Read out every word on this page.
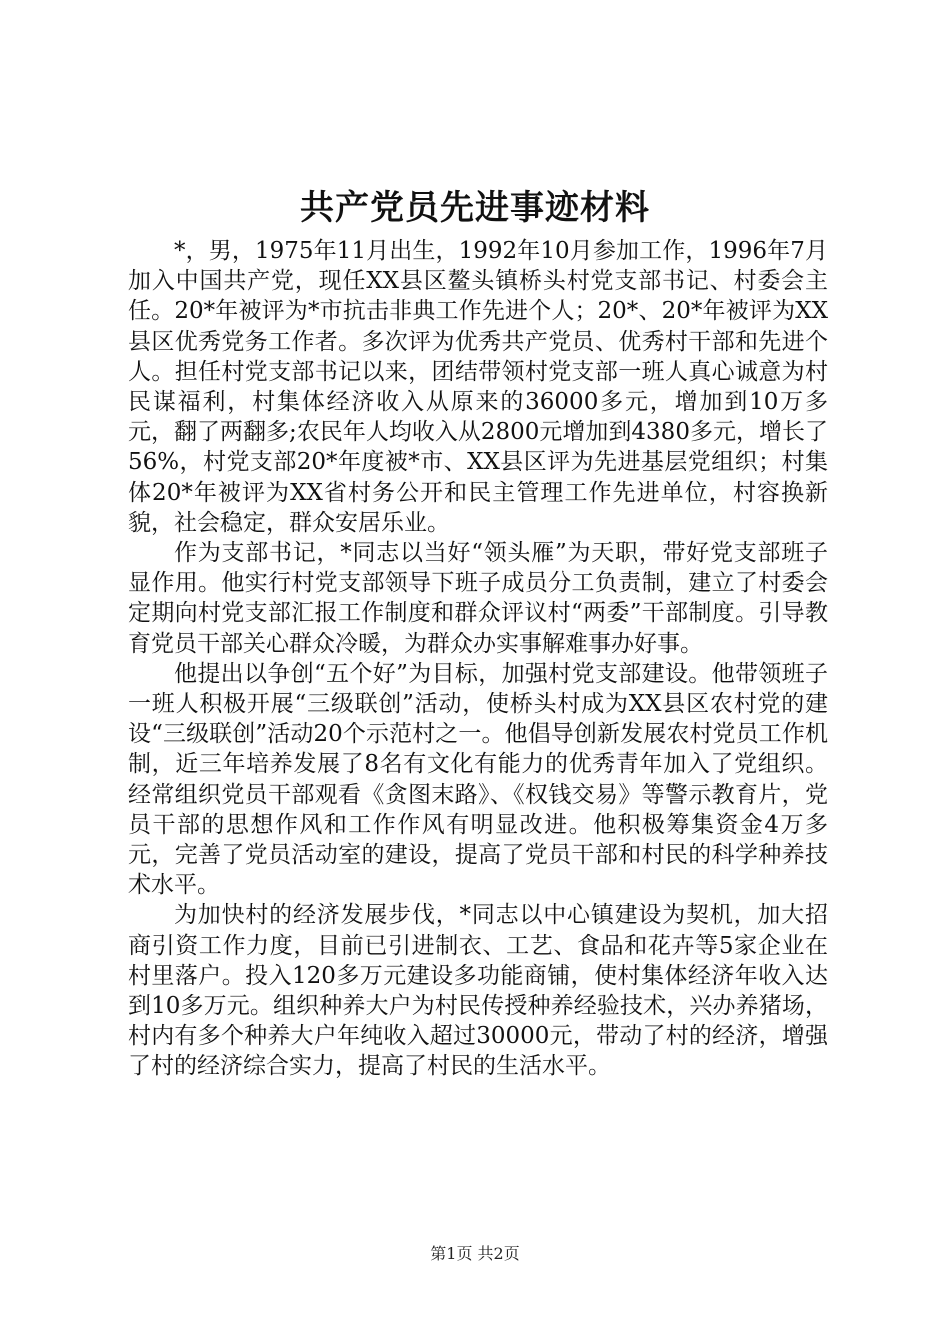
共产党员先进事迹材料

*，男，1975年11月出生，1992年10月参加工作，1996年7月加入中国共产党，现任XX县区鳌头镇桥头村党支部书记、村委会主任。20*年被评为*市抗击非典工作先进个人；20*、20*年被评为XX县区优秀党务工作者。多次评为优秀共产党员、优秀村干部和先进个人。担任村党支部书记以来，团结带领村党支部一班人真心诚意为村民谋福利，村集体经济收入从原来的36000多元，增加到10万多元，翻了两翻多;农民年人均收入从2800元增加到4380多元，增长了56%，村党支部20*年度被*市、XX县区评为先进基层党组织；村集体20*年被评为XX省村务公开和民主管理工作先进单位，村容换新貌，社会稳定，群众安居乐业。

作为支部书记，*同志以当好“领头雁”为天职，带好党支部班子显作用。他实行村党支部领导下班子成员分工负责制，建立了村委会定期向村党支部汇报工作制度和群众评议村“两委”干部制度。引导教育党员干部关心群众冷暖，为群众办实事解难事办好事。

他提出以争创“五个好”为目标，加强村党支部建设。他带领班子一班人积极开展“三级联创”活动，使桥头村成为XX县区农村党的建设“三级联创”活动20个示范村之一。他倡导创新发展农村党员工作机制，近三年培养发展了8名有文化有能力的优秀青年加入了党组织。经常组织党员干部观看《贪图末路》、《权钱交易》等警示教育片，党员干部的思想作风和工作作风有明显改进。他积极筹集资金4万多元，完善了党员活动室的建设，提高了党员干部和村民的科学种养技术水平。

为加快村的经济发展步伐，*同志以中心镇建设为契机，加大招商引资工作力度，目前已引进制衣、工艺、食品和花卉等5家企业在村里落户。投入120多万元建设多功能商铺，使村集体经济年收入达到10多万元。组织种养大户为村民传授种养经验技术，兴办养猪场，村内有多个种养大户年纯收入超过30000元，带动了村的经济，增强了村的经济综合实力，提高了村民的生活水平。

第1页 共2页
